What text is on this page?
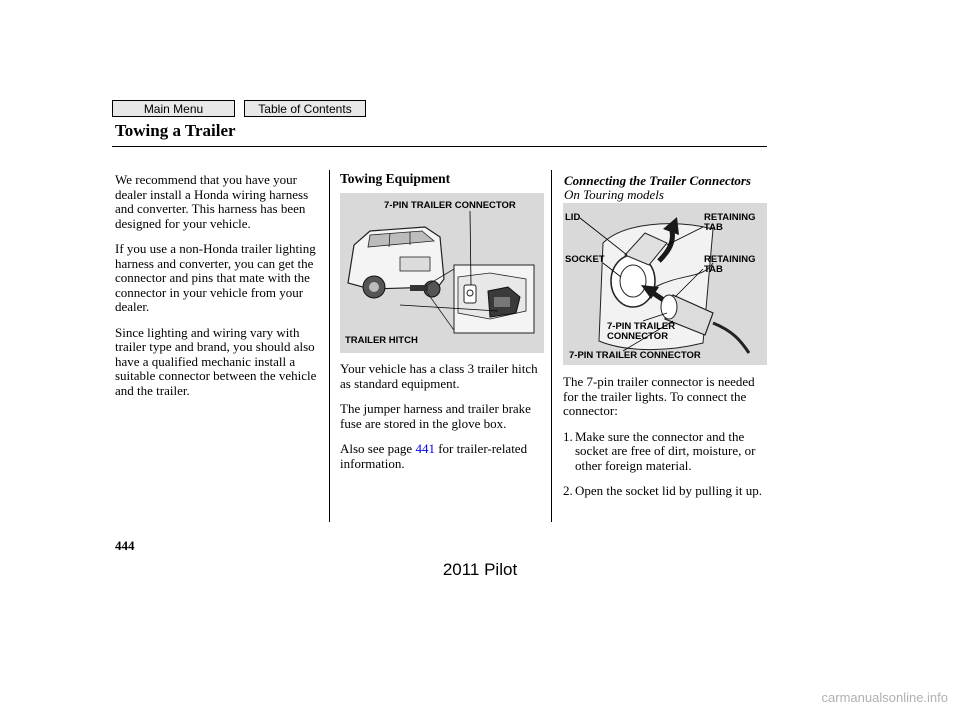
Main Menu	Table of Contents
Towing a Trailer

We recommend that you have your dealer install a Honda wiring harness and converter. This harness has been designed for your vehicle.

If you use a non-Honda trailer lighting harness and converter, you can get the connector and pins that mate with the connector in your vehicle from your dealer.

Since lighting and wiring vary with trailer type and brand, you should also have a qualified mechanic install a suitable connector between the vehicle and the trailer.

Towing Equipment
7-PIN TRAILER CONNECTOR
TRAILER HITCH

Your vehicle has a class 3 trailer hitch as standard equipment.

The jumper harness and trailer brake fuse are stored in the glove box.

Also see page 441 for trailer-related information.

Connecting the Trailer Connectors
On Touring models
LID	RETAINING
TAB
SOCKET	RETAINING
TAB
7-PIN TRAILER
CONNECTOR
7-PIN TRAILER CONNECTOR

The 7-pin trailer connector is needed for the trailer lights. To connect the connector:

1. Make sure the connector and the socket are free of dirt, moisture, or other foreign material.
2. Open the socket lid by pulling it up.
444
2011 Pilot
carmanualsonline.info
